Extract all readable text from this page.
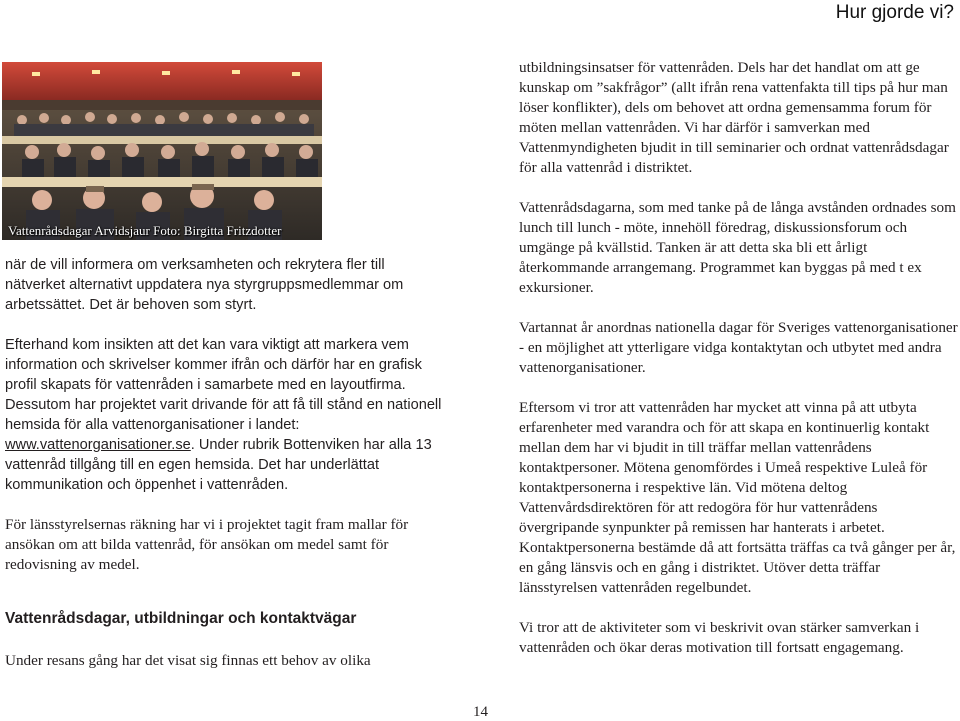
Hur gjorde vi?
Vattenrådsdagar Arvidsjaur Foto: Birgitta Fritzdotter

när de vill informera om verksamheten och rekrytera fler till nätverket alternativt uppdatera nya styrgruppsmedlemmar om arbetssättet. Det är behoven som styrt.

Efterhand kom insikten att det kan vara viktigt att markera vem information och skrivelser kommer ifrån och därför har en grafisk profil skapats för vattenråden i samarbete med en layoutfirma.

Dessutom har projektet varit drivande för att få till stånd en nationell hemsida för alla vattenorganisationer i landet: www.vattenorganisationer.se. Under rubrik Bottenviken har alla 13 vattenråd tillgång till en egen hemsida. Det har underlättat kommunikation och öppenhet i vattenråden.

För länsstyrelsernas räkning har vi i projektet tagit fram mallar för ansökan om att bilda vattenråd, för ansökan om medel samt för redovisning av medel.

Vattenrådsdagar, utbildningar och kontaktvägar
Under resans gång har det visat sig finnas ett behov av olika

utbildningsinsatser för vattenråden. Dels har det handlat om att ge kunskap om ”sakfrågor” (allt ifrån rena vattenfakta till tips på hur man löser konflikter), dels om behovet att ordna gemensamma forum för möten mellan vattenråden. Vi har därför i samverkan med Vattenmyndigheten bjudit in till seminarier och ordnat vattenrådsdagar för alla vattenråd i distriktet.

Vattenrådsdagarna, som med tanke på de långa avstånden ordnades som lunch till lunch - möte, innehöll föredrag, diskussionsforum och umgänge på kvällstid. Tanken är att detta ska bli ett årligt återkommande arrangemang. Programmet kan byggas på med t ex exkursioner.

Vartannat år anordnas nationella dagar för Sveriges vattenorganisationer - en möjlighet att ytterligare vidga kontaktytan och utbytet med andra vattenorganisationer.

Eftersom vi tror att vattenråden har mycket att vinna på att utbyta erfarenheter med varandra och för att skapa en kontinuerlig kontakt mellan dem har vi bjudit in till träffar mellan vattenrådens kontaktpersoner. Mötena genomfördes i Umeå respektive Luleå för kontaktpersonerna i respektive län. Vid mötena deltog Vattenvårdsdirektören för att redogöra för hur vattenrådens övergripande synpunkter på remissen har hanterats i arbetet. Kontaktpersonerna bestämde då att fortsätta träffas ca två gånger per år, en gång länsvis och en gång i distriktet. Utöver detta träffar länsstyrelsen vattenråden regelbundet.

Vi tror att de aktiviteter som vi beskrivit ovan stärker samverkan i vattenråden och ökar deras motivation till fortsatt engagemang.

14
